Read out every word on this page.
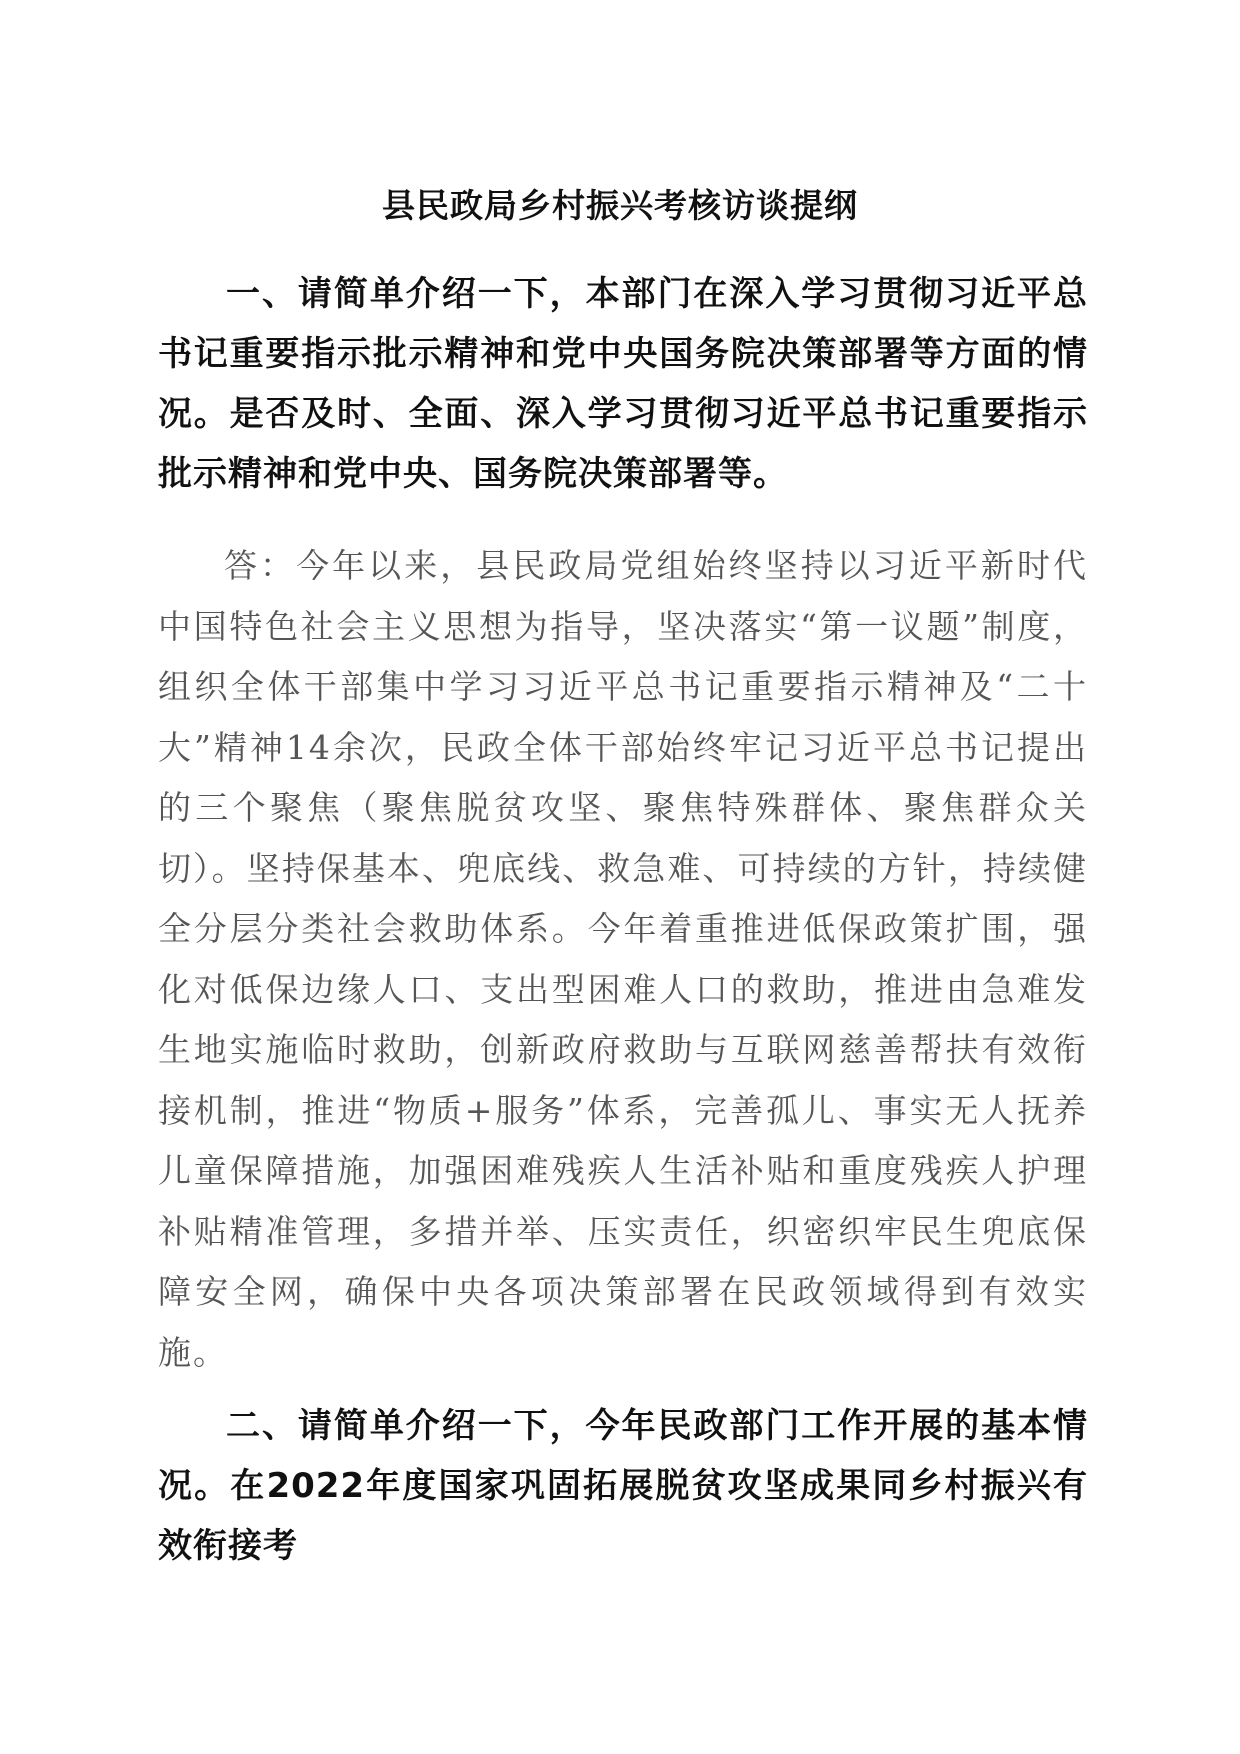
县民政局乡村振兴考核访谈提纲

一、请简单介绍一下，本部门在深入学习贯彻习近平总书记重要指示批示精神和党中央国务院决策部署等方面的情况。是否及时、全面、深入学习贯彻习近平总书记重要指示批示精神和党中央、国务院决策部署等。

答：今年以来，县民政局党组始终坚持以习近平新时代中国特色社会主义思想为指导，坚决落实“第一议题”制度，组织全体干部集中学习习近平总书记重要指示精神及“二十大”精神14余次，民政全体干部始终牢记习近平总书记提出的三个聚焦（聚焦脱贫攻坚、聚焦特殊群体、聚焦群众关切）。坚持保基本、兜底线、救急难、可持续的方针，持续健全分层分类社会救助体系。今年着重推进低保政策扩围，强化对低保边缘人口、支出型困难人口的救助，推进由急难发生地实施临时救助，创新政府救助与互联网慈善帮扶有效衔接机制，推进“物质+服务”体系，完善孤儿、事实无人抚养儿童保障措施，加强困难残疾人生活补贴和重度残疾人护理补贴精准管理，多措并举、压实责任，织密织牢民生兜底保障安全网，确保中央各项决策部署在民政领域得到有效实施。

二、请简单介绍一下，今年民政部门工作开展的基本情况。在2022年度国家巩固拓展脱贫攻坚成果同乡村振兴有效衔接考
